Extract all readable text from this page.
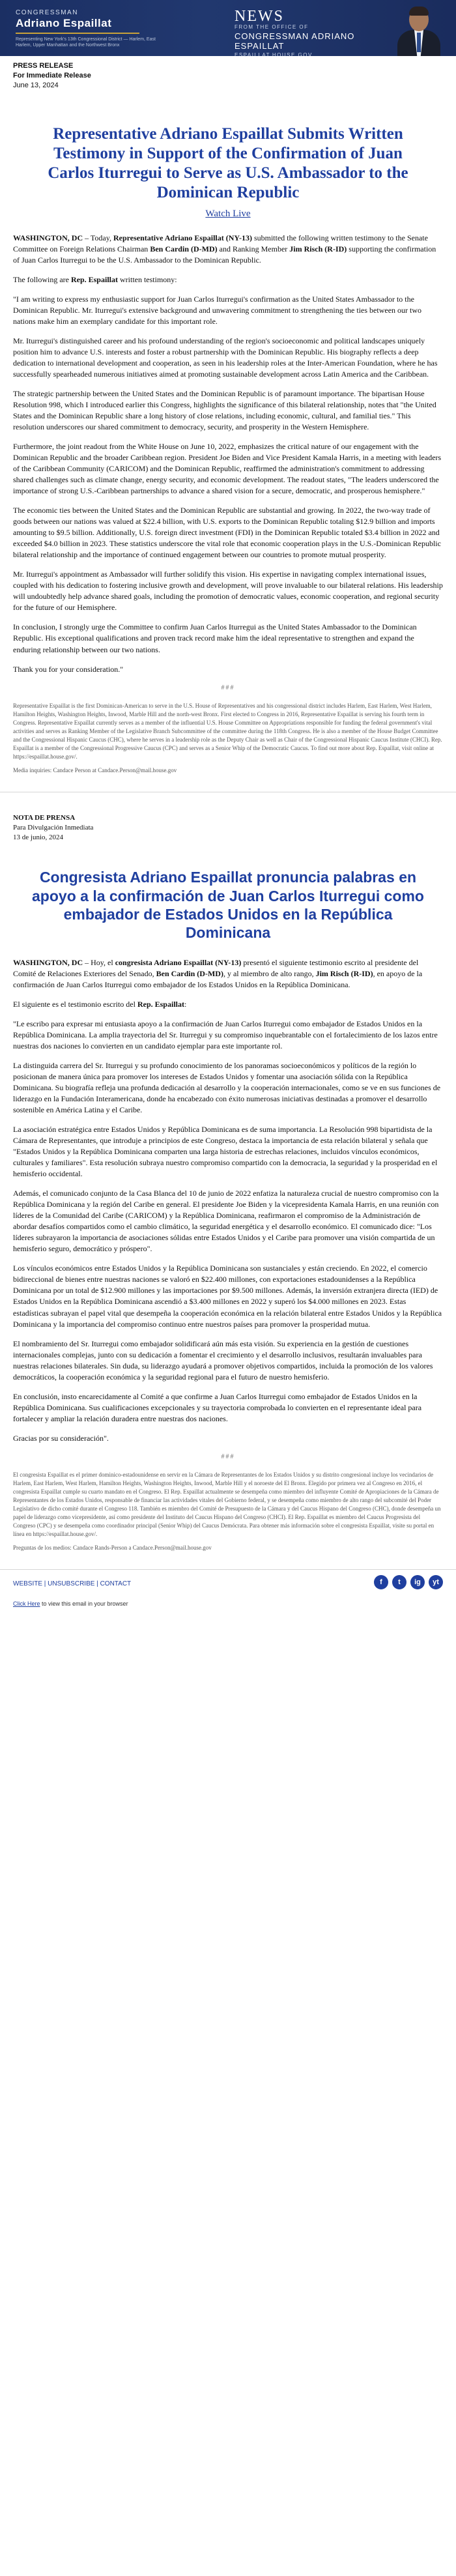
CONGRESSMAN
Adriano Espaillat
Representing New York's 13th Congressional District — Harlem, East Harlem, Upper Manhattan and the Northwest Bronx
NEWS
FROM THE OFFICE OF
CONGRESSMAN ADRIANO ESPAILLAT
ESPAILLAT.HOUSE.GOV
PRESS RELEASE
For Immediate Release
June 13, 2024
Representative Adriano Espaillat Submits Written Testimony in Support of the Confirmation of Juan Carlos Iturregui to Serve as U.S. Ambassador to the Dominican Republic
Watch Live

WASHINGTON, DC – Today, Representative Adriano Espaillat (NY-13) submitted the following written testimony to the Senate Committee on Foreign Relations Chairman Ben Cardin (D-MD) and Ranking Member Jim Risch (R-ID) supporting the confirmation of Juan Carlos Iturregui to be the U.S. Ambassador to the Dominican Republic.

The following are Rep. Espaillat written testimony:

"I am writing to express my enthusiastic support for Juan Carlos Iturregui's confirmation as the United States Ambassador to the Dominican Republic. Mr. Iturregui's extensive background and unwavering commitment to strengthening the ties between our two nations make him an exemplary candidate for this important role.

Mr. Iturregui's distinguished career and his profound understanding of the region's socioeconomic and political landscapes uniquely position him to advance U.S. interests and foster a robust partnership with the Dominican Republic. His biography reflects a deep dedication to international development and cooperation, as seen in his leadership roles at the Inter-American Foundation, where he has successfully spearheaded numerous initiatives aimed at promoting sustainable development across Latin America and the Caribbean.

The strategic partnership between the United States and the Dominican Republic is of paramount importance. The bipartisan House Resolution 998, which I introduced earlier this Congress, highlights the significance of this bilateral relationship, notes that "the United States and the Dominican Republic share a long history of close relations, including economic, cultural, and familial ties." This resolution underscores our shared commitment to democracy, security, and prosperity in the Western Hemisphere.

Furthermore, the joint readout from the White House on June 10, 2022, emphasizes the critical nature of our engagement with the Dominican Republic and the broader Caribbean region. President Joe Biden and Vice President Kamala Harris, in a meeting with leaders of the Caribbean Community (CARICOM) and the Dominican Republic, reaffirmed the administration's commitment to addressing shared challenges such as climate change, energy security, and economic development. The readout states, "The leaders underscored the importance of strong U.S.-Caribbean partnerships to advance a shared vision for a secure, democratic, and prosperous hemisphere."

The economic ties between the United States and the Dominican Republic are substantial and growing. In 2022, the two-way trade of goods between our nations was valued at $22.4 billion, with U.S. exports to the Dominican Republic totaling $12.9 billion and imports amounting to $9.5 billion. Additionally, U.S. foreign direct investment (FDI) in the Dominican Republic totaled $3.4 billion in 2022 and exceeded $4.0 billion in 2023. These statistics underscore the vital role that economic cooperation plays in the U.S.-Dominican Republic bilateral relationship and the importance of continued engagement between our countries to promote mutual prosperity.

Mr. Iturregui's appointment as Ambassador will further solidify this vision. His expertise in navigating complex international issues, coupled with his dedication to fostering inclusive growth and development, will prove invaluable to our bilateral relations. His leadership will undoubtedly help advance shared goals, including the promotion of democratic values, economic cooperation, and regional security for the future of our Hemisphere.

In conclusion, I strongly urge the Committee to confirm Juan Carlos Iturregui as the United States Ambassador to the Dominican Republic. His exceptional qualifications and proven track record make him the ideal representative to strengthen and expand the enduring relationship between our two nations.

Thank you for your consideration."

###

Representative Espaillat is the first Dominican-American to serve in the U.S. House of Representatives and his congressional district includes Harlem, East Harlem, West Harlem, Hamilton Heights, Washington Heights, Inwood, Marble Hill and the north-west Bronx. First elected to Congress in 2016, Representative Espaillat is serving his fourth term in Congress. Representative Espaillat currently serves as a member of the influential U.S. House Committee on Appropriations responsible for funding the federal government's vital activities and serves as Ranking Member of the Legislative Branch Subcommittee of the committee during the 118th Congress. He is also a member of the House Budget Committee and the Congressional Hispanic Caucus (CHC), where he serves in a leadership role as the Deputy Chair as well as Chair of the Congressional Hispanic Caucus Institute (CHCI). Rep. Espaillat is a member of the Congressional Progressive Caucus (CPC) and serves as a Senior Whip of the Democratic Caucus. To find out more about Rep. Espaillat, visit online at https://espaillat.house.gov/.

Media inquiries: Candace Person at Candace.Person@mail.house.gov

NOTA DE PRENSA
Para Divulgación Inmediata
13 de junio, 2024
Congresista Adriano Espaillat pronuncia palabras en apoyo a la confirmación de Juan Carlos Iturregui como embajador de Estados Unidos en la República Dominicana

WASHINGTON, DC – Hoy, el congresista Adriano Espaillat (NY-13) presentó el siguiente testimonio escrito al presidente del Comité de Relaciones Exteriores del Senado, Ben Cardin (D-MD), y al miembro de alto rango, Jim Risch (R-ID), en apoyo de la confirmación de Juan Carlos Iturregui como embajador de los Estados Unidos en la República Dominicana.

El siguiente es el testimonio escrito del Rep. Espaillat:

"Le escribo para expresar mi entusiasta apoyo a la confirmación de Juan Carlos Iturregui como embajador de Estados Unidos en la República Dominicana. La amplia trayectoria del Sr. Iturregui y su compromiso inquebrantable con el fortalecimiento de los lazos entre nuestras dos naciones lo convierten en un candidato ejemplar para este importante rol.

La distinguida carrera del Sr. Iturregui y su profundo conocimiento de los panoramas socioeconómicos y políticos de la región lo posicionan de manera única para promover los intereses de Estados Unidos y fomentar una asociación sólida con la República Dominicana. Su biografía refleja una profunda dedicación al desarrollo y la cooperación internacionales, como se ve en sus funciones de liderazgo en la Fundación Interamericana, donde ha encabezado con éxito numerosas iniciativas destinadas a promover el desarrollo sostenible en América Latina y el Caribe.

La asociación estratégica entre Estados Unidos y República Dominicana es de suma importancia. La Resolución 998 bipartidista de la Cámara de Representantes, que introduje a principios de este Congreso, destaca la importancia de esta relación bilateral y señala que "Estados Unidos y la República Dominicana comparten una larga historia de estrechas relaciones, incluidos vínculos económicos, culturales y familiares". Esta resolución subraya nuestro compromiso compartido con la democracia, la seguridad y la prosperidad en el hemisferio occidental.

Además, el comunicado conjunto de la Casa Blanca del 10 de junio de 2022 enfatiza la naturaleza crucial de nuestro compromiso con la República Dominicana y la región del Caribe en general. El presidente Joe Biden y la vicepresidenta Kamala Harris, en una reunión con líderes de la Comunidad del Caribe (CARICOM) y la República Dominicana, reafirmaron el compromiso de la Administración de abordar desafíos compartidos como el cambio climático, la seguridad energética y el desarrollo económico. El comunicado dice: "Los líderes subrayaron la importancia de asociaciones sólidas entre Estados Unidos y el Caribe para promover una visión compartida de un hemisferio seguro, democrático y próspero".

Los vínculos económicos entre Estados Unidos y la República Dominicana son sustanciales y están creciendo. En 2022, el comercio bidireccional de bienes entre nuestras naciones se valoró en $22.400 millones, con exportaciones estadounidenses a la República Dominicana por un total de $12.900 millones y las importaciones por $9.500 millones. Además, la inversión extranjera directa (IED) de Estados Unidos en la República Dominicana ascendió a $3.400 millones en 2022 y superó los $4.000 millones en 2023. Estas estadísticas subrayan el papel vital que desempeña la cooperación económica en la relación bilateral entre Estados Unidos y la República Dominicana y la importancia del compromiso continuo entre nuestros países para promover la prosperidad mutua.

El nombramiento del Sr. Iturregui como embajador solidificará aún más esta visión. Su experiencia en la gestión de cuestiones internacionales complejas, junto con su dedicación a fomentar el crecimiento y el desarrollo inclusivos, resultarán invaluables para nuestras relaciones bilaterales. Sin duda, su liderazgo ayudará a promover objetivos compartidos, incluida la promoción de los valores democráticos, la cooperación económica y la seguridad regional para el futuro de nuestro hemisferio.

En conclusión, insto encarecidamente al Comité a que confirme a Juan Carlos Iturregui como embajador de Estados Unidos en la República Dominicana. Sus cualificaciones excepcionales y su trayectoria comprobada lo convierten en el representante ideal para fortalecer y ampliar la relación duradera entre nuestras dos naciones.

Gracias por su consideración".

###

El congresista Espaillat es el primer dominico-estadounidense en servir en la Cámara de Representantes de los Estados Unidos y su distrito congresional incluye los vecindarios de Harlem, East Harlem, West Harlem, Hamilton Heights, Washington Heights, Inwood, Marble Hill y el noroeste del El Bronx. Elegido por primera vez al Congreso en 2016, el congresista Espaillat cumple su cuarto mandato en el Congreso. El Rep. Espaillat actualmente se desempeña como miembro del influyente Comité de Apropiaciones de la Cámara de Representantes de los Estados Unidos, responsable de financiar las actividades vitales del Gobierno federal, y se desempeña como miembro de alto rango del subcomité del Poder Legislativo de dicho comité durante el Congreso 118. También es miembro del Comité de Presupuesto de la Cámara y del Caucus Hispano del Congreso (CHC), donde desempeña un papel de liderazgo como vicepresidente, así como presidente del Instituto del Caucus Hispano del Congreso (CHCI). El Rep. Espaillat es miembro del Caucus Progresista del Congreso (CPC) y se desempeña como coordinador principal (Senior Whip) del Caucus Demócrata. Para obtener más información sobre el congresista Espaillat, visite su portal en línea en https://espaillat.house.gov/.

Preguntas de los medios: Candace Rands-Person a Candace.Person@mail.house.gov

WEBSITE | UNSUBSCRIBE | CONTACT	f	t	ig	yt
Click Here to view this email in your browser
